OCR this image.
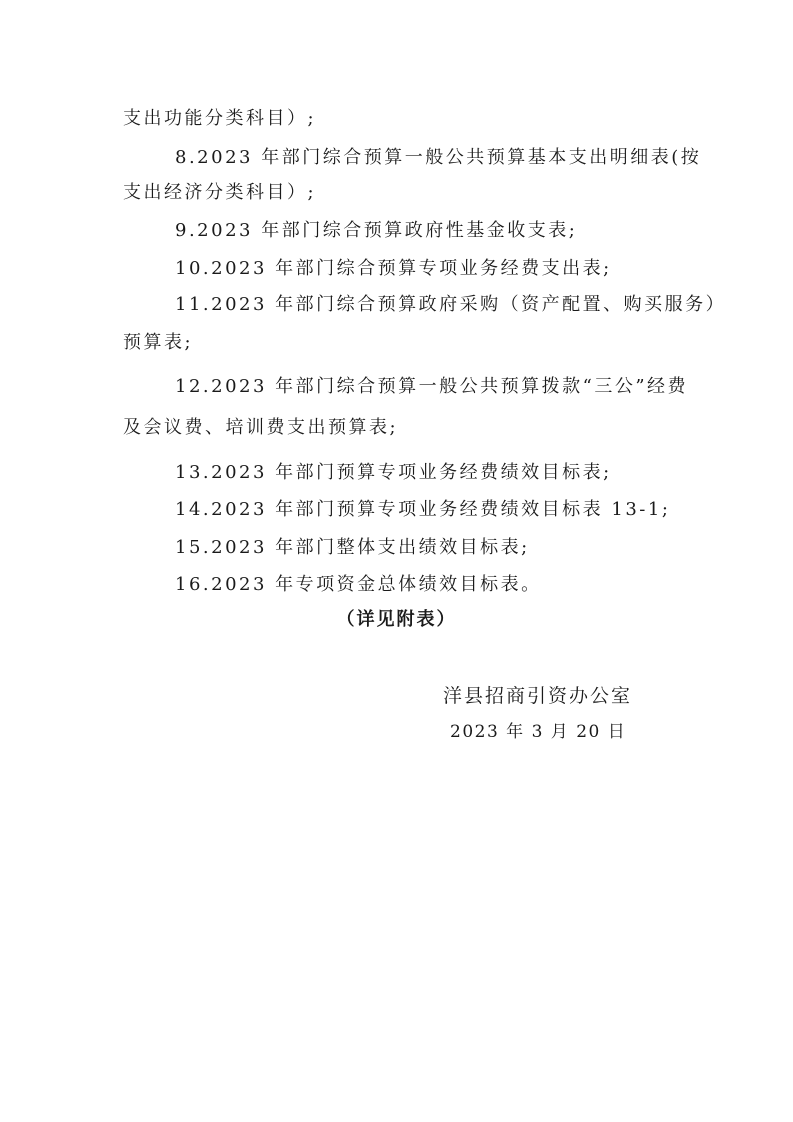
支出功能分类科目）;
8.2023 年部门综合预算一般公共预算基本支出明细表(按
支出经济分类科目）;
9.2023 年部门综合预算政府性基金收支表;
10.2023 年部门综合预算专项业务经费支出表;
11.2023 年部门综合预算政府采购（资产配置、购买服务）
预算表;
12.2023 年部门综合预算一般公共预算拨款“三公”经费
及会议费、培训费支出预算表;
13.2023 年部门预算专项业务经费绩效目标表;
14.2023 年部门预算专项业务经费绩效目标表 13-1;
15.2023 年部门整体支出绩效目标表;
16.2023 年专项资金总体绩效目标表。
（详见附表）
洋县招商引资办公室
2023 年 3 月 20 日
